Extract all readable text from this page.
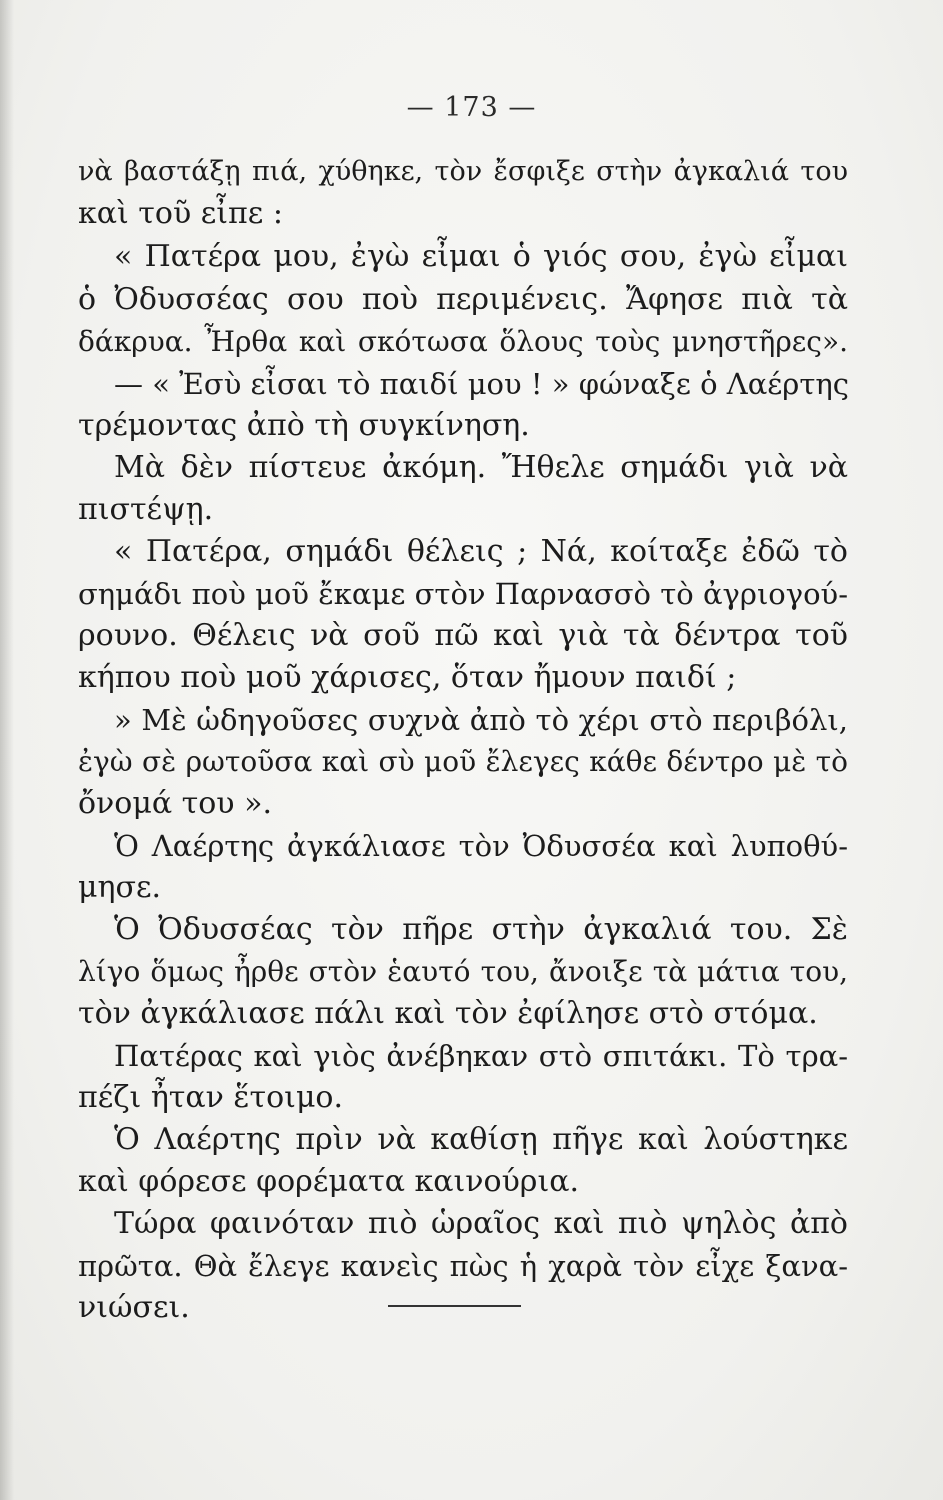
— 173 —
νὰ βαστάξῃ πιά, χύθηκε, τὸν ἔσφιξε στὴν ἀγκαλιά του
καὶ τοῦ εἶπε :
« Πατέρα μου, ἐγὼ εἶμαι ὁ γιός σου, ἐγὼ εἶμαι
ὁ Ὀδυσσέας σου ποὺ περιμένεις. Ἄφησε πιὰ τὰ
δάκρυα. Ἦρθα καὶ σκότωσα ὅλους τοὺς μνηστῆρες».
— « Ἐσὺ εἶσαι τὸ παιδί μου ! » φώναξε ὁ Λαέρτης
τρέμοντας ἀπὸ τὴ συγκίνηση.
Μὰ δὲν πίστευε ἀκόμη. Ἤθελε σημάδι γιὰ νὰ
πιστέψῃ.
« Πατέρα, σημάδι θέλεις ; Νά, κοίταξε ἐδῶ τὸ
σημάδι ποὺ μοῦ ἔκαμε στὸν Παρνασσὸ τὸ ἀγριογού-
ρουνο. Θέλεις νὰ σοῦ πῶ καὶ γιὰ τὰ δέντρα τοῦ
κήπου ποὺ μοῦ χάρισες, ὅταν ἤμουν παιδί ;
» Μὲ ὡδηγοῦσες συχνὰ ἀπὸ τὸ χέρι στὸ περιβόλι,
ἐγὼ σὲ ρωτοῦσα καὶ σὺ μοῦ ἔλεγες κάθε δέντρο μὲ τὸ
ὄνομά του ».
Ὁ Λαέρτης ἀγκάλιασε τὸν Ὀδυσσέα καὶ λυποθύ-
μησε.
Ὁ Ὀδυσσέας τὸν πῆρε στὴν ἀγκαλιά του. Σὲ
λίγο ὅμως ἦρθε στὸν ἑαυτό του, ἄνοιξε τὰ μάτια του,
τὸν ἀγκάλιασε πάλι καὶ τὸν ἐφίλησε στὸ στόμα.
Πατέρας καὶ γιὸς ἀνέβηκαν στὸ σπιτάκι. Τὸ τρα-
πέζι ἦταν ἕτοιμο.
Ὁ Λαέρτης πρὶν νὰ καθίσῃ πῆγε καὶ λούστηκε
καὶ φόρεσε φορέματα καινούρια.
Τώρα φαινόταν πιὸ ὡραῖος καὶ πιὸ ψηλὸς ἀπὸ
πρῶτα. Θὰ ἔλεγε κανεὶς πὼς ἡ χαρὰ τὸν εἶχε ξανα-
νιώσει.
